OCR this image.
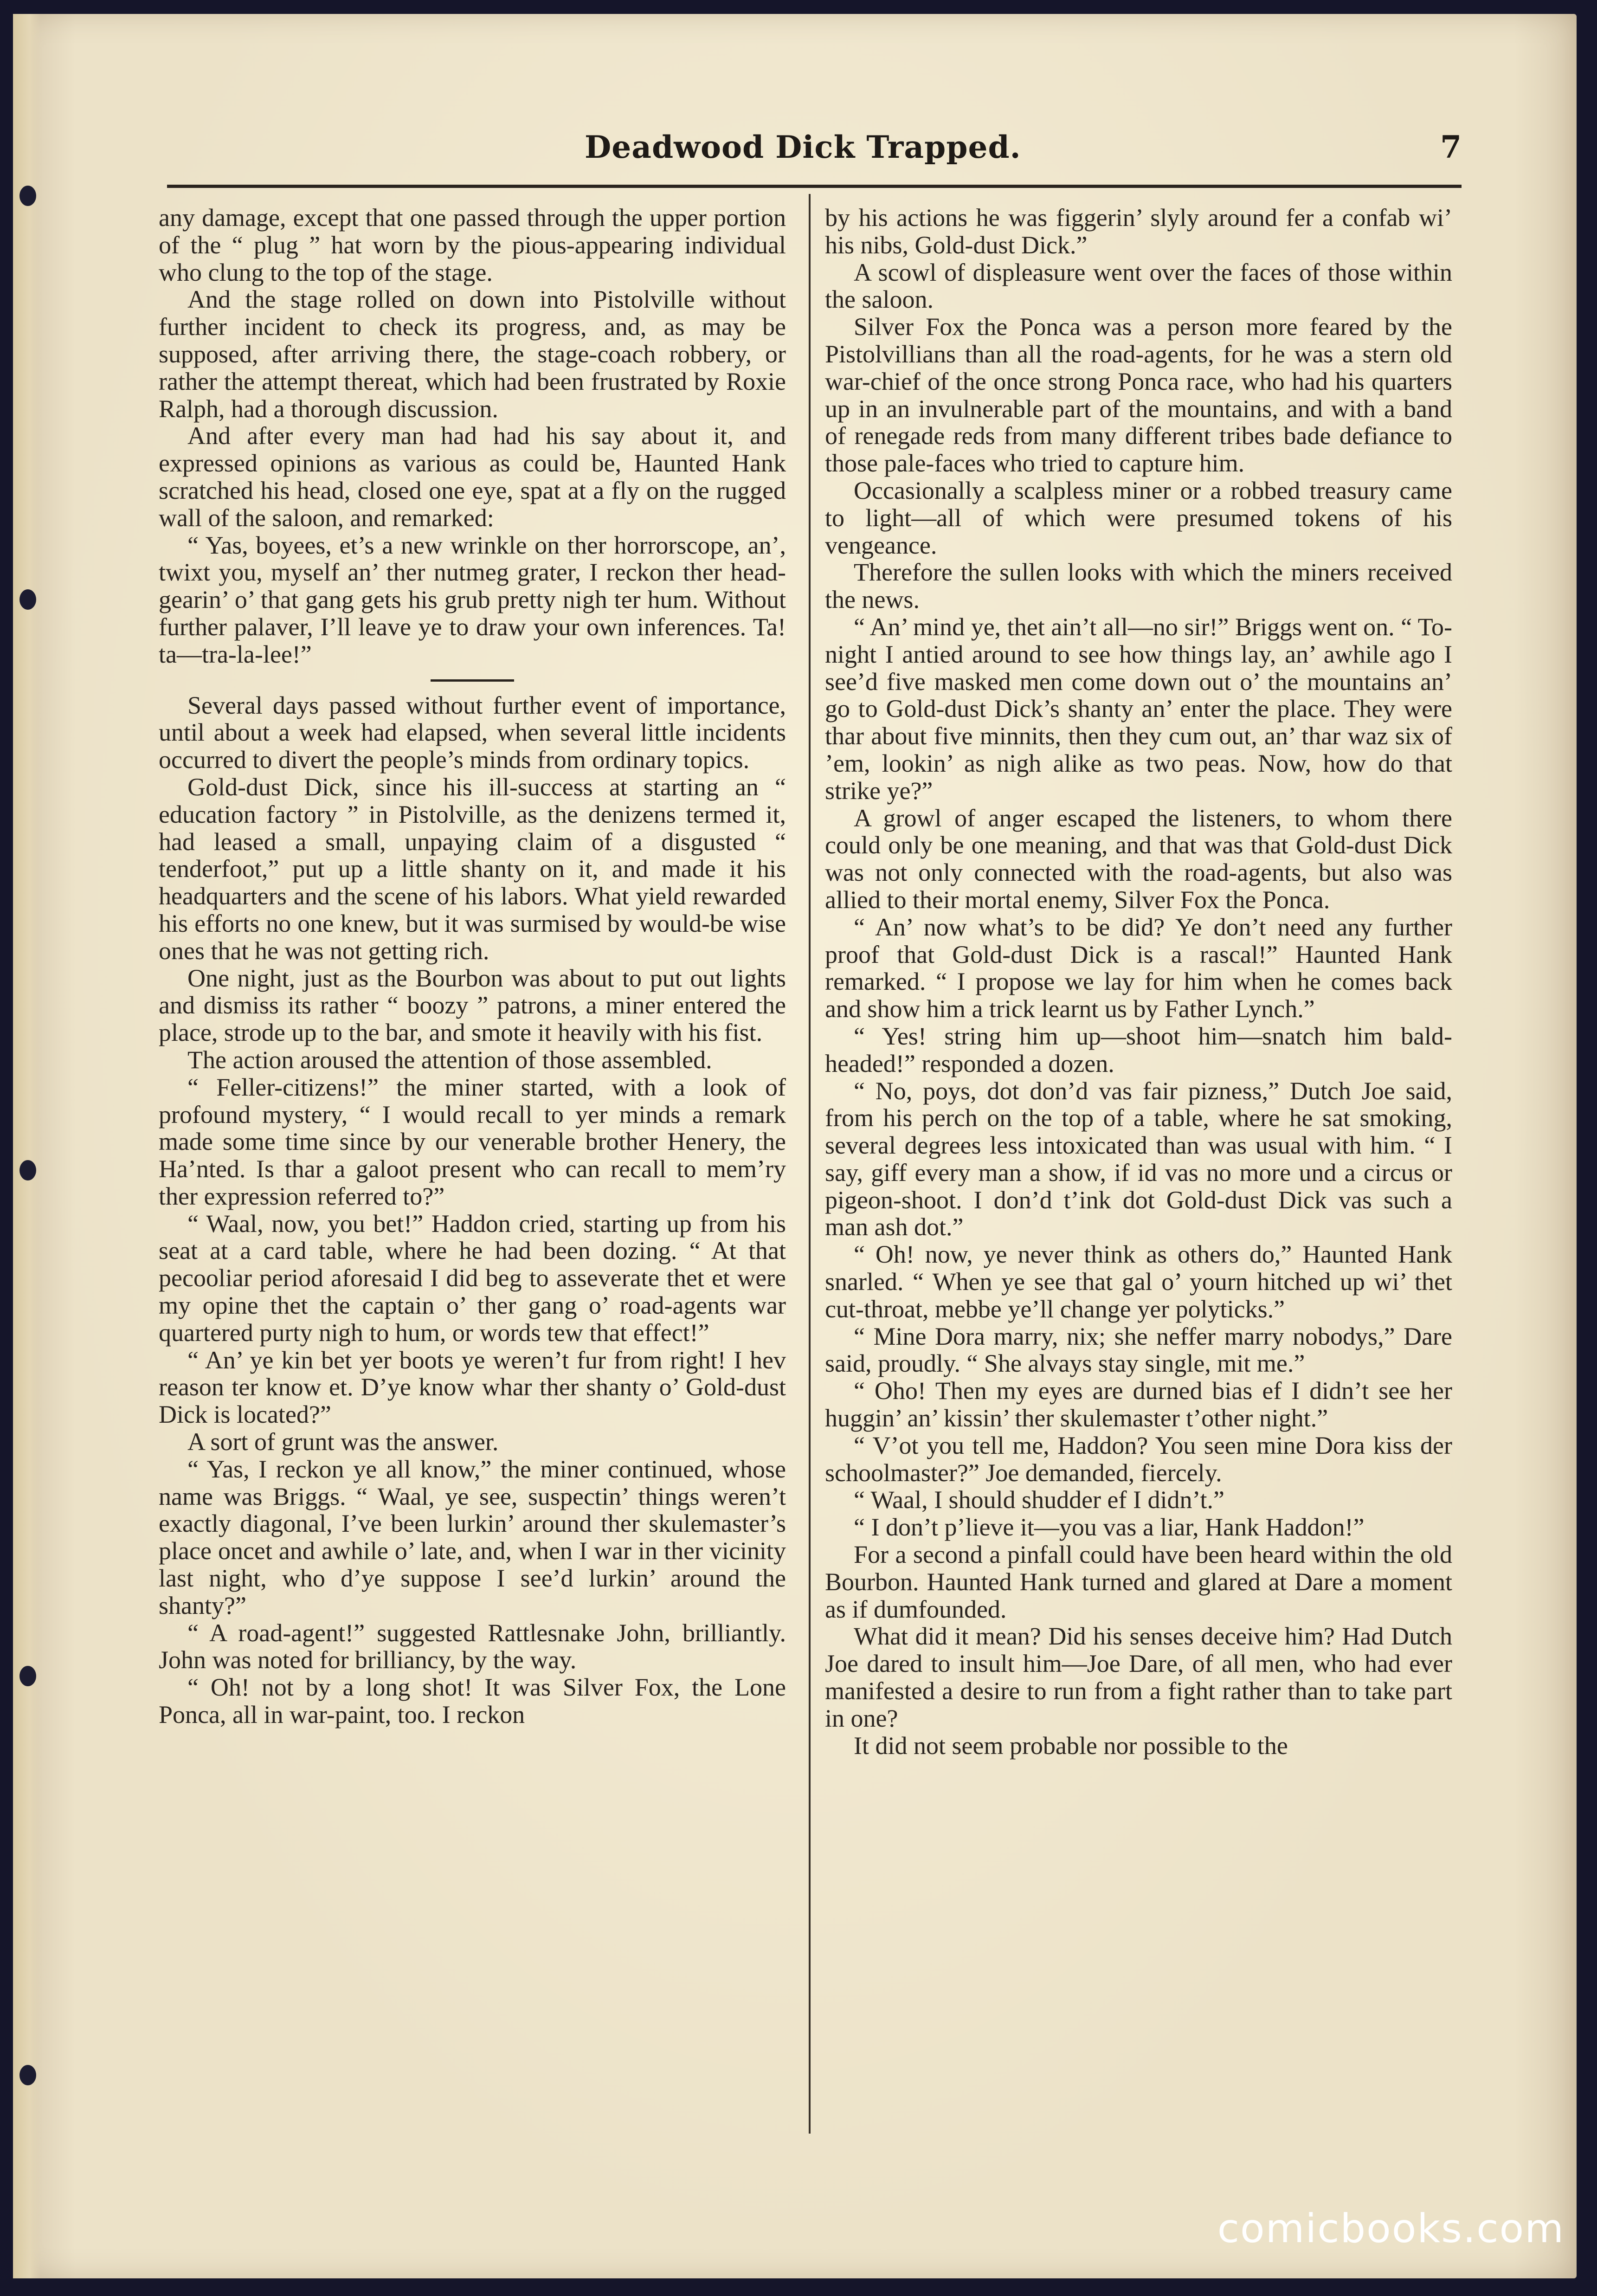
Deadwood Dick Trapped.	7

any damage, except that one passed through the upper portion of the “ plug ” hat worn by the pious-appearing individual who clung to the top of the stage.

And the stage rolled on down into Pistolville without further incident to check its progress, and, as may be supposed, after arriving there, the stage-coach robbery, or rather the attempt thereat, which had been frustrated by Roxie Ralph, had a thorough discussion.

And after every man had had his say about it, and expressed opinions as various as could be, Haunted Hank scratched his head, closed one eye, spat at a fly on the rugged wall of the saloon, and remarked:

“ Yas, boyees, et’s a new wrinkle on ther horrorscope, an’, twixt you, myself an’ ther nutmeg grater, I reckon ther head-gearin’ o’ that gang gets his grub pretty nigh ter hum. Without further palaver, I’ll leave ye to draw your own inferences. Ta! ta—tra-la-lee!”

Several days passed without further event of importance, until about a week had elapsed, when several little incidents occurred to divert the people’s minds from ordinary topics.

Gold-dust Dick, since his ill-success at starting an “ education factory ” in Pistolville, as the denizens termed it, had leased a small, unpaying claim of a disgusted “ tenderfoot,” put up a little shanty on it, and made it his headquarters and the scene of his labors. What yield rewarded his efforts no one knew, but it was surmised by would-be wise ones that he was not getting rich.

One night, just as the Bourbon was about to put out lights and dismiss its rather “ boozy ” patrons, a miner entered the place, strode up to the bar, and smote it heavily with his fist.

The action aroused the attention of those assembled.

“ Feller-citizens!” the miner started, with a look of profound mystery, “ I would recall to yer minds a remark made some time since by our venerable brother Henery, the Ha’nted. Is thar a galoot present who can recall to mem’ry ther expression referred to?”

“ Waal, now, you bet!” Haddon cried, starting up from his seat at a card table, where he had been dozing. “ At that pecooliar period aforesaid I did beg to asseverate thet et were my opine thet the captain o’ ther gang o’ road-agents war quartered purty nigh to hum, or words tew that effect!”

“ An’ ye kin bet yer boots ye weren’t fur from right! I hev reason ter know et. D’ye know whar ther shanty o’ Gold-dust Dick is located?”

A sort of grunt was the answer.

“ Yas, I reckon ye all know,” the miner continued, whose name was Briggs. “ Waal, ye see, suspectin’ things weren’t exactly diagonal, I’ve been lurkin’ around ther skulemaster’s place oncet and awhile o’ late, and, when I war in ther vicinity last night, who d’ye suppose I see’d lurkin’ around the shanty?”

“ A road-agent!” suggested Rattlesnake John, brilliantly. John was noted for brilliancy, by the way.

“ Oh! not by a long shot! It was Silver Fox, the Lone Ponca, all in war-paint, too. I reckon

by his actions he was figgerin’ slyly around fer a confab wi’ his nibs, Gold-dust Dick.”

A scowl of displeasure went over the faces of those within the saloon.

Silver Fox the Ponca was a person more feared by the Pistolvillians than all the road-agents, for he was a stern old war-chief of the once strong Ponca race, who had his quarters up in an invulnerable part of the mountains, and with a band of renegade reds from many different tribes bade defiance to those pale-faces who tried to capture him.

Occasionally a scalpless miner or a robbed treasury came to light—all of which were presumed tokens of his vengeance.

Therefore the sullen looks with which the miners received the news.

“ An’ mind ye, thet ain’t all—no sir!” Briggs went on. “ To-night I antied around to see how things lay, an’ awhile ago I see’d five masked men come down out o’ the mountains an’ go to Gold-dust Dick’s shanty an’ enter the place. They were thar about five minnits, then they cum out, an’ thar waz six of ’em, lookin’ as nigh alike as two peas. Now, how do that strike ye?”

A growl of anger escaped the listeners, to whom there could only be one meaning, and that was that Gold-dust Dick was not only connected with the road-agents, but also was allied to their mortal enemy, Silver Fox the Ponca.

“ An’ now what’s to be did? Ye don’t need any further proof that Gold-dust Dick is a rascal!” Haunted Hank remarked. “ I propose we lay for him when he comes back and show him a trick learnt us by Father Lynch.”

“ Yes! string him up—shoot him—snatch him bald-headed!” responded a dozen.

“ No, poys, dot don’d vas fair pizness,” Dutch Joe said, from his perch on the top of a table, where he sat smoking, several degrees less intoxicated than was usual with him. “ I say, giff every man a show, if id vas no more und a circus or pigeon-shoot. I don’d t’ink dot Gold-dust Dick vas such a man ash dot.”

“ Oh! now, ye never think as others do,” Haunted Hank snarled. “ When ye see that gal o’ yourn hitched up wi’ thet cut-throat, mebbe ye’ll change yer polyticks.”

“ Mine Dora marry, nix; she neffer marry nobodys,” Dare said, proudly. “ She alvays stay single, mit me.”

“ Oho! Then my eyes are durned bias ef I didn’t see her huggin’ an’ kissin’ ther skulemaster t’other night.”

“ V’ot you tell me, Haddon? You seen mine Dora kiss der schoolmaster?” Joe demanded, fiercely.

“ Waal, I should shudder ef I didn’t.”

“ I don’t p’lieve it—you vas a liar, Hank Haddon!”

For a second a pinfall could have been heard within the old Bourbon. Haunted Hank turned and glared at Dare a moment as if dumfounded.

What did it mean? Did his senses deceive him? Had Dutch Joe dared to insult him—Joe Dare, of all men, who had ever manifested a desire to run from a fight rather than to take part in one?

It did not seem probable nor possible to the

comicbooks.com
